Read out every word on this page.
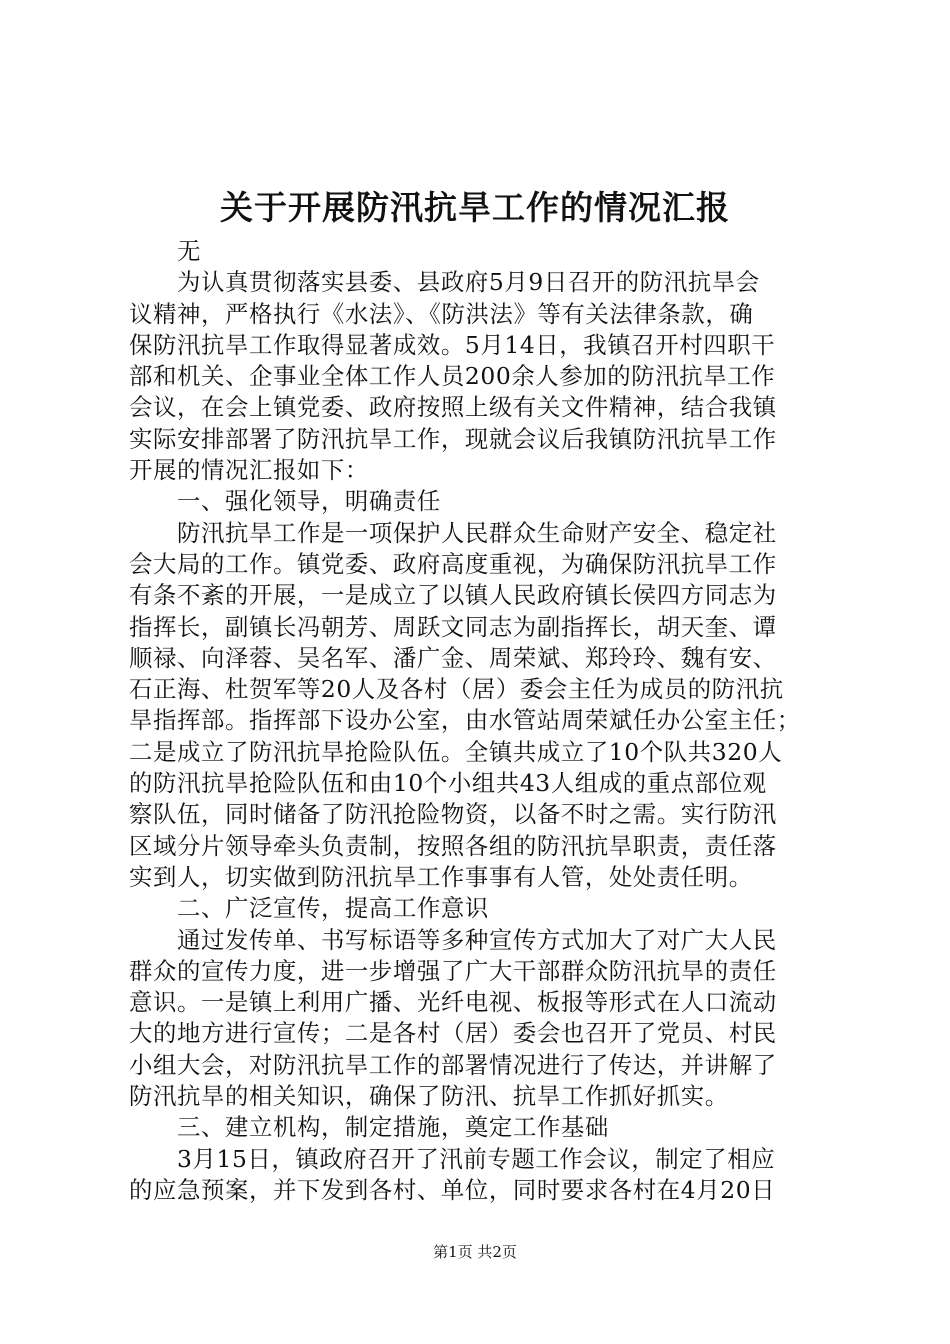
关于开展防汛抗旱工作的情况汇报
无
为认真贯彻落实县委、县政府5月9日召开的防汛抗旱会
议精神，严格执行《水法》、《防洪法》等有关法律条款，确
保防汛抗旱工作取得显著成效。5月14日，我镇召开村四职干
部和机关、企事业全体工作人员200余人参加的防汛抗旱工作
会议，在会上镇党委、政府按照上级有关文件精神，结合我镇
实际安排部署了防汛抗旱工作，现就会议后我镇防汛抗旱工作
开展的情况汇报如下：
一、强化领导，明确责任
防汛抗旱工作是一项保护人民群众生命财产安全、稳定社
会大局的工作。镇党委、政府高度重视，为确保防汛抗旱工作
有条不紊的开展，一是成立了以镇人民政府镇长侯四方同志为
指挥长，副镇长冯朝芳、周跃文同志为副指挥长，胡天奎、谭
顺禄、向泽蓉、吴名军、潘广金、周荣斌、郑玲玲、魏有安、
石正海、杜贺军等20人及各村（居）委会主任为成员的防汛抗
旱指挥部。指挥部下设办公室，由水管站周荣斌任办公室主任；
二是成立了防汛抗旱抢险队伍。全镇共成立了10个队共320人
的防汛抗旱抢险队伍和由10个小组共43人组成的重点部位观
察队伍，同时储备了防汛抢险物资，以备不时之需。实行防汛
区域分片领导牵头负责制，按照各组的防汛抗旱职责，责任落
实到人，切实做到防汛抗旱工作事事有人管，处处责任明。
二、广泛宣传，提高工作意识
通过发传单、书写标语等多种宣传方式加大了对广大人民
群众的宣传力度，进一步增强了广大干部群众防汛抗旱的责任
意识。一是镇上利用广播、光纤电视、板报等形式在人口流动
大的地方进行宣传；二是各村（居）委会也召开了党员、村民
小组大会，对防汛抗旱工作的部署情况进行了传达，并讲解了
防汛抗旱的相关知识，确保了防汛、抗旱工作抓好抓实。
三、建立机构，制定措施，奠定工作基础
3月15日，镇政府召开了汛前专题工作会议，制定了相应
的应急预案，并下发到各村、单位，同时要求各村在4月20日
第1页 共2页
